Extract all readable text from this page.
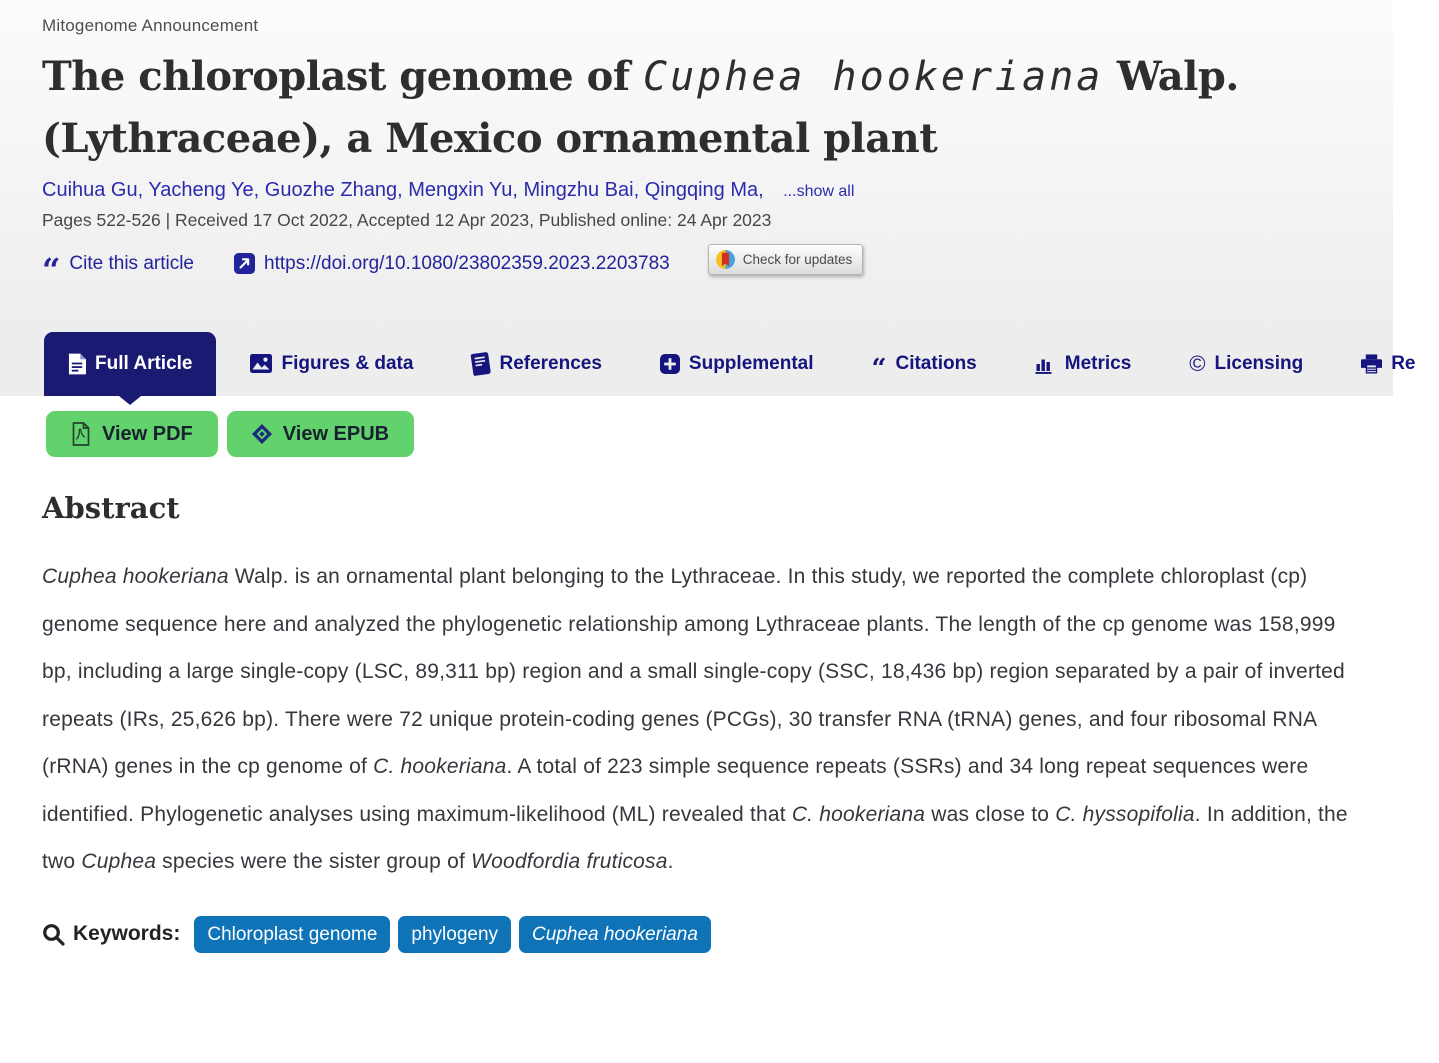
Mitogenome Announcement
The chloroplast genome of Cuphea hookeriana Walp. (Lythraceae), a Mexico ornamental plant
Cuihua Gu, Yacheng Ye, Guozhe Zhang, Mengxin Yu, Mingzhu Bai, Qingqing Ma, ...show all
Pages 522-526 | Received 17 Oct 2022, Accepted 12 Apr 2023, Published online: 24 Apr 2023
“ Cite this article	https://doi.org/10.1080/23802359.2023.2203783	Check for updates
Full Article	Figures & data	References	Supplemental “ Citations	Metrics	© Licensing	Re
View PDF	View EPUB
Abstract

Cuphea hookeriana Walp. is an ornamental plant belonging to the Lythraceae. In this study, we reported the complete chloroplast (cp) genome sequence here and analyzed the phylogenetic relationship among Lythraceae plants. The length of the cp genome was 158,999 bp, including a large single-copy (LSC, 89,311 bp) region and a small single-copy (SSC, 18,436 bp) region separated by a pair of inverted repeats (IRs, 25,626 bp). There were 72 unique protein-coding genes (PCGs), 30 transfer RNA (tRNA) genes, and four ribosomal RNA (rRNA) genes in the cp genome of C. hookeriana. A total of 223 simple sequence repeats (SSRs) and 34 long repeat sequences were identified. Phylogenetic analyses using maximum-likelihood (ML) revealed that C. hookeriana was close to C. hyssopifolia. In addition, the two Cuphea species were the sister group of Woodfordia fruticosa.

Keywords:	Chloroplast genome	phylogeny	Cuphea hookeriana
